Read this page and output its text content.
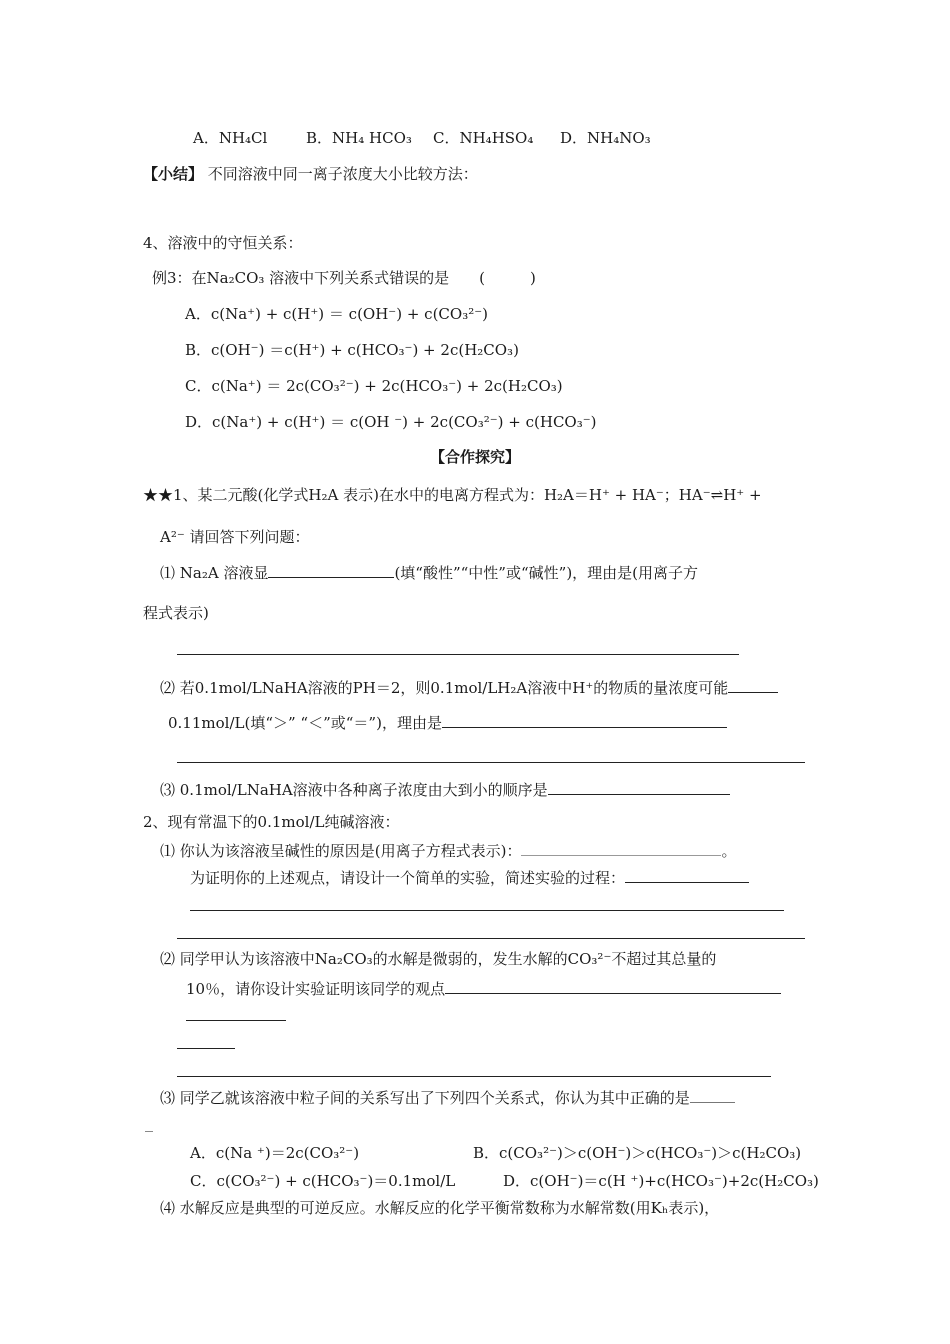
A．NH₄Cl	B．NH₄ HCO₃ C．NH₄HSO₄ D．NH₄NO₃
【小结】 不同溶液中同一离子浓度大小比较方法：
4、溶液中的守恒关系：
例3：在Na₂CO₃ 溶液中下列关系式错误的是　　(　　　)
A．c(Na⁺) + c(H⁺) ＝ c(OH⁻) + c(CO₃²⁻)
B．c(OH⁻) ＝c(H⁺) + c(HCO₃⁻) + 2c(H₂CO₃)
C．c(Na⁺) ＝ 2c(CO₃²⁻) + 2c(HCO₃⁻) + 2c(H₂CO₃)
D．c(Na⁺) + c(H⁺) ＝ c(OH ⁻) + 2c(CO₃²⁻) + c(HCO₃⁻)
【合作探究】
★★1、某二元酸(化学式H₂A 表示)在水中的电离方程式为：H₂A＝H⁺ + HA⁻；HA⁻⇌H⁺ +
A²⁻ 请回答下列问题：
⑴ Na₂A 溶液显	(填“酸性”“中性”或“碱性”)，理由是(用离子方
程式表示)
⑵ 若0.1mol/LNaHA溶液的PH＝2，则0.1mol/LH₂A溶液中H⁺的物质的量浓度可能
0.11mol/L(填“＞” “＜”或“＝”)，理由是
⑶ 0.1mol/LNaHA溶液中各种离子浓度由大到小的顺序是
2、现有常温下的0.1mol/L纯碱溶液：
⑴ 你认为该溶液呈碱性的原因是(用离子方程式表示)：	。
为证明你的上述观点，请设计一个简单的实验，简述实验的过程：
⑵ 同学甲认为该溶液中Na₂CO₃的水解是微弱的，发生水解的CO₃²⁻不超过其总量的
10％，请你设计实验证明该同学的观点
⑶ 同学乙就该溶液中粒子间的关系写出了下列四个关系式，你认为其中正确的是
A．c(Na ⁺)＝2c(CO₃²⁻)	B．c(CO₃²⁻)＞c(OH⁻)＞c(HCO₃⁻)＞c(H₂CO₃)
C．c(CO₃²⁻) + c(HCO₃⁻)＝0.1mol/L	D．c(OH⁻)＝c(H ⁺)+c(HCO₃⁻)+2c(H₂CO₃)
⑷ 水解反应是典型的可逆反应。水解反应的化学平衡常数称为水解常数(用Kₕ表示)，
